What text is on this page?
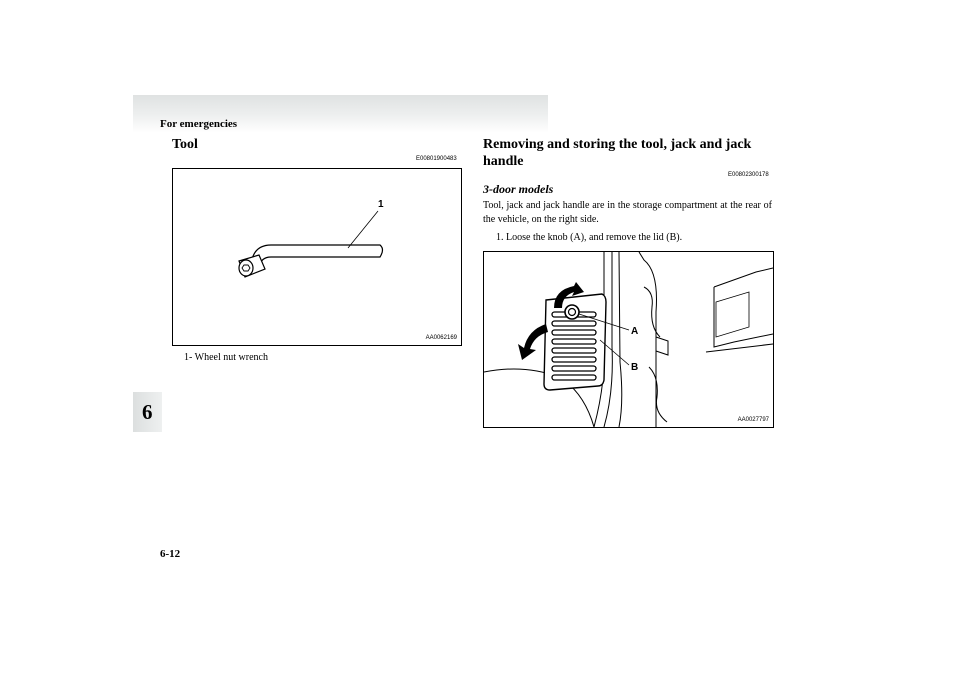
For emergencies
6
Tool
E00801900483
1
AA0062169
1- Wheel nut wrench
Removing and storing the tool, jack and jack handle
E00802300178
3-door models
Tool, jack and jack handle are in the storage compartment at the rear of the vehicle, on the right side.
1. Loose the knob (A), and remove the lid (B).
A
B
AA0027797
6-12
